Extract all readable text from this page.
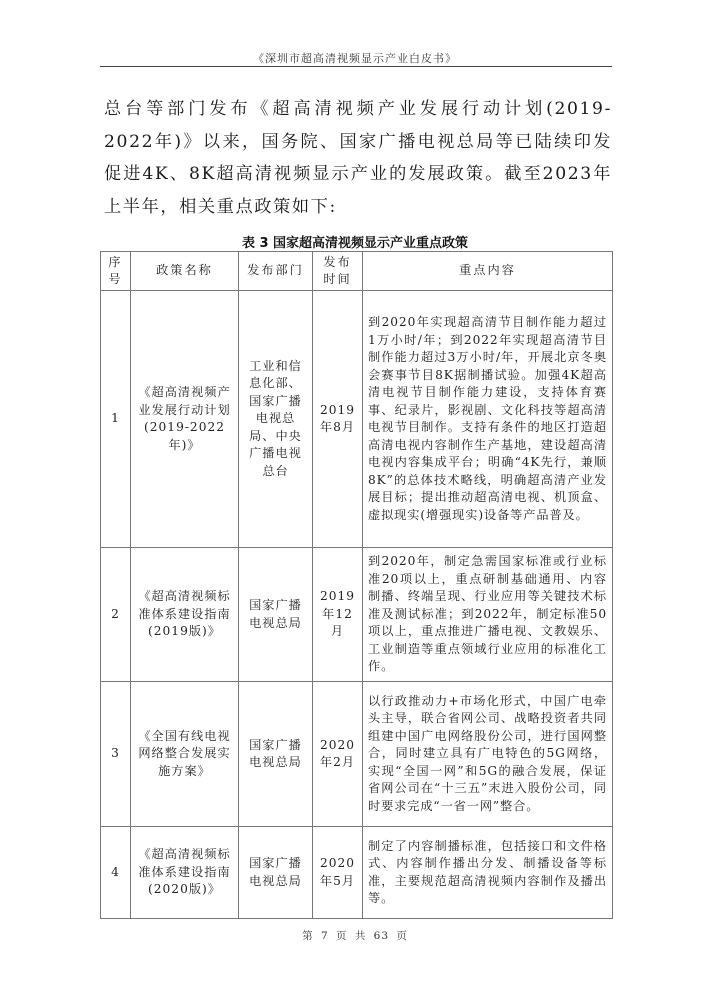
《深圳市超高清视频显示产业白皮书》
总台等部门发布《超高清视频产业发展行动计划(2019-2022年)》以来，国务院、国家广播电视总局等已陆续印发促进4K、8K超高清视频显示产业的发展政策。截至2023年上半年，相关重点政策如下:
表 3 国家超高清视频显示产业重点政策
序号	政策名称	发布部门	发布时间	重点内容
1	《超高清视频产业发展行动计划(2019-2022年)》	工业和信息化部、国家广播电视总局、中央广播电视总台	2019年8月	到2020年实现超高清节目制作能力超过1万小时/年；到2022年实现超高清节目制作能力超过3万小时/年，开展北京冬奥会赛事节目8K据制播试验。加强4K超高清电视节目制作能力建设，支持体育赛事、纪录片，影视剧、文化科技等超高清电视节目制作。支持有条件的地区打造超高清电视内容制作生产基地，建设超高清电视内容集成平台；明确“4K先行，兼顺8K”的总体技术略线，明确超高清产业发展目标；提出推动超高清电视、机顶盒、虚拟现实(增强现实)设备等产品普及。
2	《超高清视频标准体系建设指南(2019版)》	国家广播电视总局	2019年12月	到2020年，制定急需国家标准或行业标准20项以上，重点研制基础通用、内容制播、终端呈现、行业应用等关键技术标准及测试标准；到2022年，制定标准50项以上，重点推进广播电视、文教娱乐、工业制造等重点领域行业应用的标准化工作。
3	《全国有线电视网络整合发展实施方案》	国家广播电视总局	2020年2月	以行政推动力+市场化形式，中国广电牵头主导，联合省网公司、战略投资者共同组建中国广电网络股份公司，进行国网整合，同时建立具有广电特色的5G网络，实现“全国一网”和5G的融合发展，保证省网公司在“十三五”末进入股份公司，同时要求完成“一省一网”整合。
4	《超高清视频标准体系建设指南(2020版)》	国家广播电视总局	2020年5月	制定了内容制播标准，包括接口和文件格式、内容制作播出分发、制播设备等标准，主要规范超高清视频内容制作及播出等。
第 7 页 共 63 页
